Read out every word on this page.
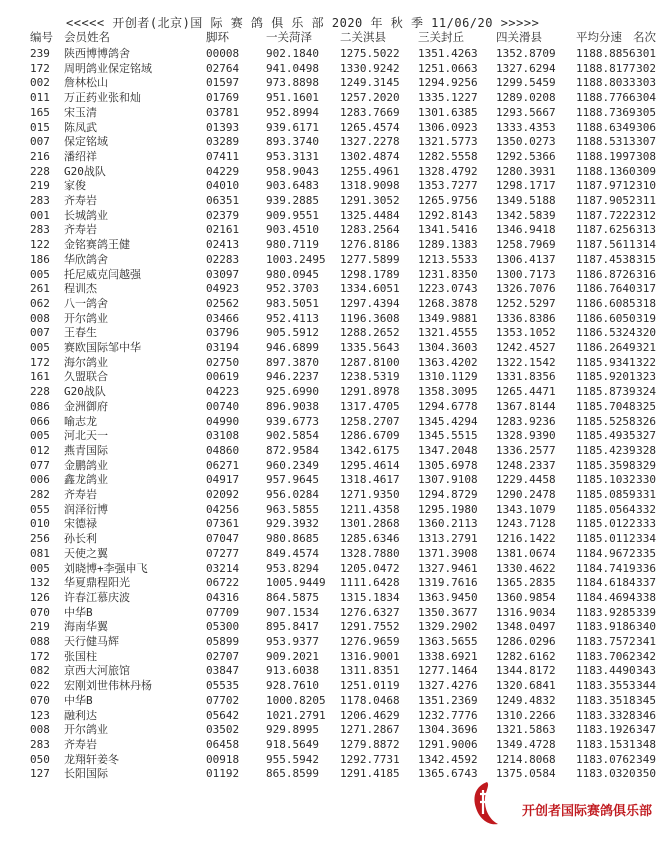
<<<<< 开创者(北京)国 际 赛 鸽 俱 乐 部 2020 年 秋 季 11/06/20 >>>>>
编号 会员姓名	脚环	一关菏泽	二关淇县	三关封丘	四关滑县	平均分速 名次
239	陕西博博鸽舍	00008	902.1840	1275.5022	1351.4263	1352.8709	1188.8856 301
172	周明鸽业保定铭域	02764	941.0498	1330.9242	1251.0663	1327.6294	1188.8177 302
002	詹林松山	01597	973.8898	1249.3145	1294.9256	1299.5459	1188.8033 303
011	万正药业张和灿	01769	951.1601	1257.2020	1335.1227	1289.0208	1188.7766 304
165	宋玉清	03781	952.8994	1283.7669	1301.6385	1293.5667	1188.7369 305
015	陈凤武	01393	939.6171	1265.4574	1306.0923	1333.4353	1188.6349 306
007	保定铭域	03289	893.3740	1327.2278	1321.5773	1350.0273	1188.5313 307
216	潘绍祥	07411	953.3131	1302.4874	1282.5558	1292.5366	1188.1997 308
228	G20战队	04229	958.9043	1255.4961	1328.4792	1280.3931	1188.1360 309
219	家俊	04010	903.6483	1318.9098	1353.7277	1298.1717	1187.9712 310
283	齐寿岩	06351	939.2885	1291.3052	1265.9756	1349.5188	1187.9052 311
001	长城鸽业	02379	909.9551	1325.4484	1292.8143	1342.5839	1187.7222 312
283	齐寿岩	02161	903.4510	1283.2564	1341.5416	1346.9418	1187.6256 313
122	金铭赛鸽王健	02413	980.7119	1276.8186	1289.1383	1258.7969	1187.5611 314
186	华欣鸽舍	02283	1003.2495	1277.5899	1213.5533	1306.4137	1187.4538 315
005	托尼威克闫越强	03097	980.0945	1298.1789	1231.8350	1300.7173	1186.8726 316
261	程训杰	04923	952.3703	1334.6051	1223.0743	1326.7076	1186.7640 317
062	八一鸽舍	02562	983.5051	1297.4394	1268.3878	1252.5297	1186.6085 318
008	开尔鸽业	03466	952.4113	1196.3608	1349.9881	1336.8386	1186.6050 319
007	王春生	03796	905.5912	1288.2652	1321.4555	1353.1052	1186.5324 320
005	赛欧国际邹中华	03194	946.6899	1335.5643	1304.3603	1242.4527	1186.2649 321
172	海尔鸽业	02750	897.3870	1287.8100	1363.4202	1322.1542	1185.9341 322
161	久盟联合	00619	946.2237	1238.5319	1310.1129	1331.8356	1185.9201 323
228	G20战队	04223	925.6990	1291.8978	1358.3095	1265.4471	1185.8739 324
086	金洲御府	00740	896.9038	1317.4705	1294.6778	1367.8144	1185.7048 325
066	喻志龙	04990	939.6773	1258.2707	1345.4294	1283.9236	1185.5258 326
005	河北天一	03108	902.5854	1286.6709	1345.5515	1328.9390	1185.4935 327
012	燕青国际	04860	872.9584	1342.6175	1347.2048	1336.2577	1185.4239 328
077	金鹏鸽业	06271	960.2349	1295.4614	1305.6978	1248.2337	1185.3598 329
006	鑫龙鸽业	04917	957.9645	1318.4617	1307.9108	1229.4458	1185.1032 330
282	齐寿岩	02092	956.0284	1271.9350	1294.8729	1290.2478	1185.0859 331
055	润泽衍博	04256	963.5855	1211.4358	1295.1980	1343.1079	1185.0564 332
010	宋德禄	07361	929.3932	1301.2868	1360.2113	1243.7128	1185.0122 333
256	孙长利	07047	980.8685	1285.6346	1313.2791	1216.1422	1185.0112 334
081	天使之翼	07277	849.4574	1328.7880	1371.3908	1381.0674	1184.9672 335
005	刘晓博+李强申飞	03214	953.8294	1205.0472	1327.9461	1330.4622	1184.7419 336
132	华夏鼎程阳光	06722	1005.9449	1111.6428	1319.7616	1365.2835	1184.6184 337
126	许春江慕庆波	04316	864.5875	1315.1834	1363.9450	1360.9854	1184.4694 338
070	中华B	07709	907.1534	1276.6327	1350.3677	1316.9034	1183.9285 339
219	海南华翼	05300	895.8417	1291.7552	1329.2902	1348.0497	1183.9186 340
088	天行健马辉	05899	953.9377	1276.9659	1363.5655	1286.0296	1183.7572 341
172	张国柱	02707	909.2021	1316.9001	1338.6921	1282.6162	1183.7062 342
082	京西大河旅馆	03847	913.6038	1311.8351	1277.1464	1344.8172	1183.4490 343
022	宏刚刘世伟林丹杨	05535	928.7610	1251.0119	1327.4276	1320.6841	1183.3553 344
070	中华B	07702	1000.8205	1178.0468	1351.2369	1249.4832	1183.3518 345
123	融利达	05642	1021.2791	1206.4629	1232.7776	1310.2266	1183.3328 346
008	开尔鸽业	03502	929.8995	1271.2867	1304.3696	1321.5863	1183.1926 347
283	齐寿岩	06458	918.5649	1279.8872	1291.9006	1349.4728	1183.1531 348
050	龙翔轩姜冬	00918	955.5942	1292.7731	1342.4592	1214.8068	1183.0762 349
127	长阳国际	01192	865.8599	1291.4185	1365.6743	1375.0584	1183.0320 350
开创者国际赛鸽俱乐部
